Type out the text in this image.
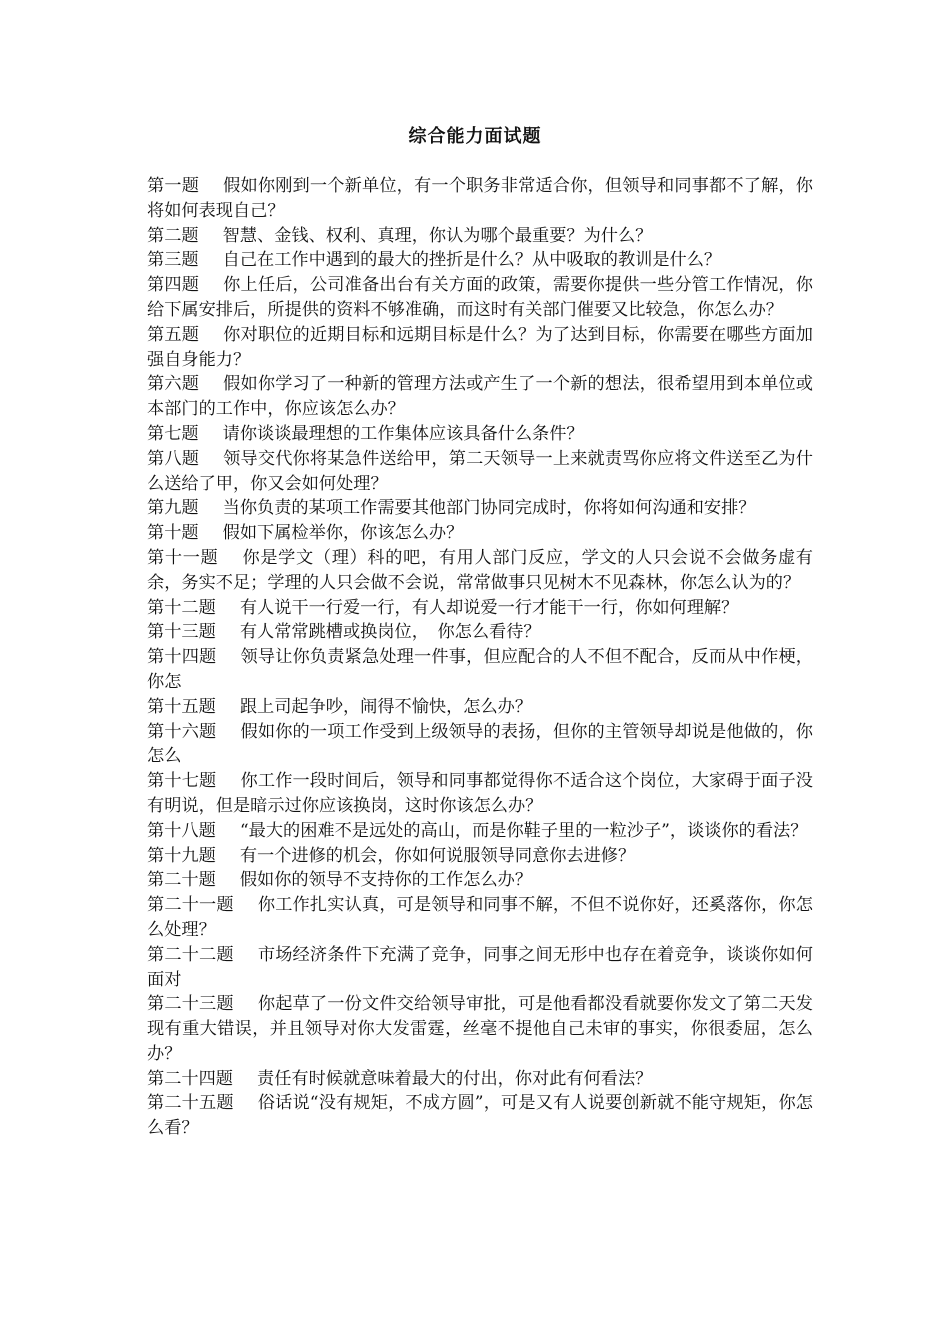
综合能力面试题
第一题 假如你刚到一个新单位，有一个职务非常适合你，但领导和同事都不了解，你将如何表现自己？
第二题 智慧、金钱、权利、真理，你认为哪个最重要？为什么？
第三题 自己在工作中遇到的最大的挫折是什么？从中吸取的教训是什么？
第四题 你上任后，公司准备出台有关方面的政策，需要你提供一些分管工作情况，你给下属安排后，所提供的资料不够准确，而这时有关部门催要又比较急，你怎么办？
第五题 你对职位的近期目标和远期目标是什么？为了达到目标，你需要在哪些方面加强自身能力？
第六题 假如你学习了一种新的管理方法或产生了一个新的想法，很希望用到本单位或本部门的工作中，你应该怎么办？
第七题 请你谈谈最理想的工作集体应该具备什么条件？
第八题 领导交代你将某急件送给甲，第二天领导一上来就责骂你应将文件送至乙为什么送给了甲，你又会如何处理？
第九题 当你负责的某项工作需要其他部门协同完成时，你将如何沟通和安排？
第十题 假如下属检举你，你该怎么办？
第十一题 你是学文（理）科的吧，有用人部门反应，学文的人只会说不会做务虚有余，务实不足；学理的人只会做不会说，常常做事只见树木不见森林，你怎么认为的？
第十二题 有人说干一行爱一行，有人却说爱一行才能干一行，你如何理解？
第十三题 有人常常跳槽或换岗位，　你怎么看待？
第十四题 领导让你负责紧急处理一件事，但应配合的人不但不配合，反而从中作梗，你怎
第十五题 跟上司起争吵，闹得不愉快，怎么办？
第十六题 假如你的一项工作受到上级领导的表扬，但你的主管领导却说是他做的，你怎么
第十七题 你工作一段时间后，领导和同事都觉得你不适合这个岗位，大家碍于面子没有明说，但是暗示过你应该换岗，这时你该怎么办？
第十八题 “最大的困难不是远处的高山，而是你鞋子里的一粒沙子”，谈谈你的看法？
第十九题 有一个进修的机会，你如何说服领导同意你去进修？
第二十题 假如你的领导不支持你的工作怎么办？
第二十一题 你工作扎实认真，可是领导和同事不解，不但不说你好，还奚落你，你怎么处理？
第二十二题 市场经济条件下充满了竞争，同事之间无形中也存在着竞争，谈谈你如何面对
第二十三题 你起草了一份文件交给领导审批，可是他看都没看就要你发文了第二天发现有重大错误，并且领导对你大发雷霆，丝毫不提他自己未审的事实，你很委屈，怎么办？
第二十四题 责任有时候就意味着最大的付出，你对此有何看法？
第二十五题 俗话说“没有规矩，不成方圆”，可是又有人说要创新就不能守规矩，你怎么看？
